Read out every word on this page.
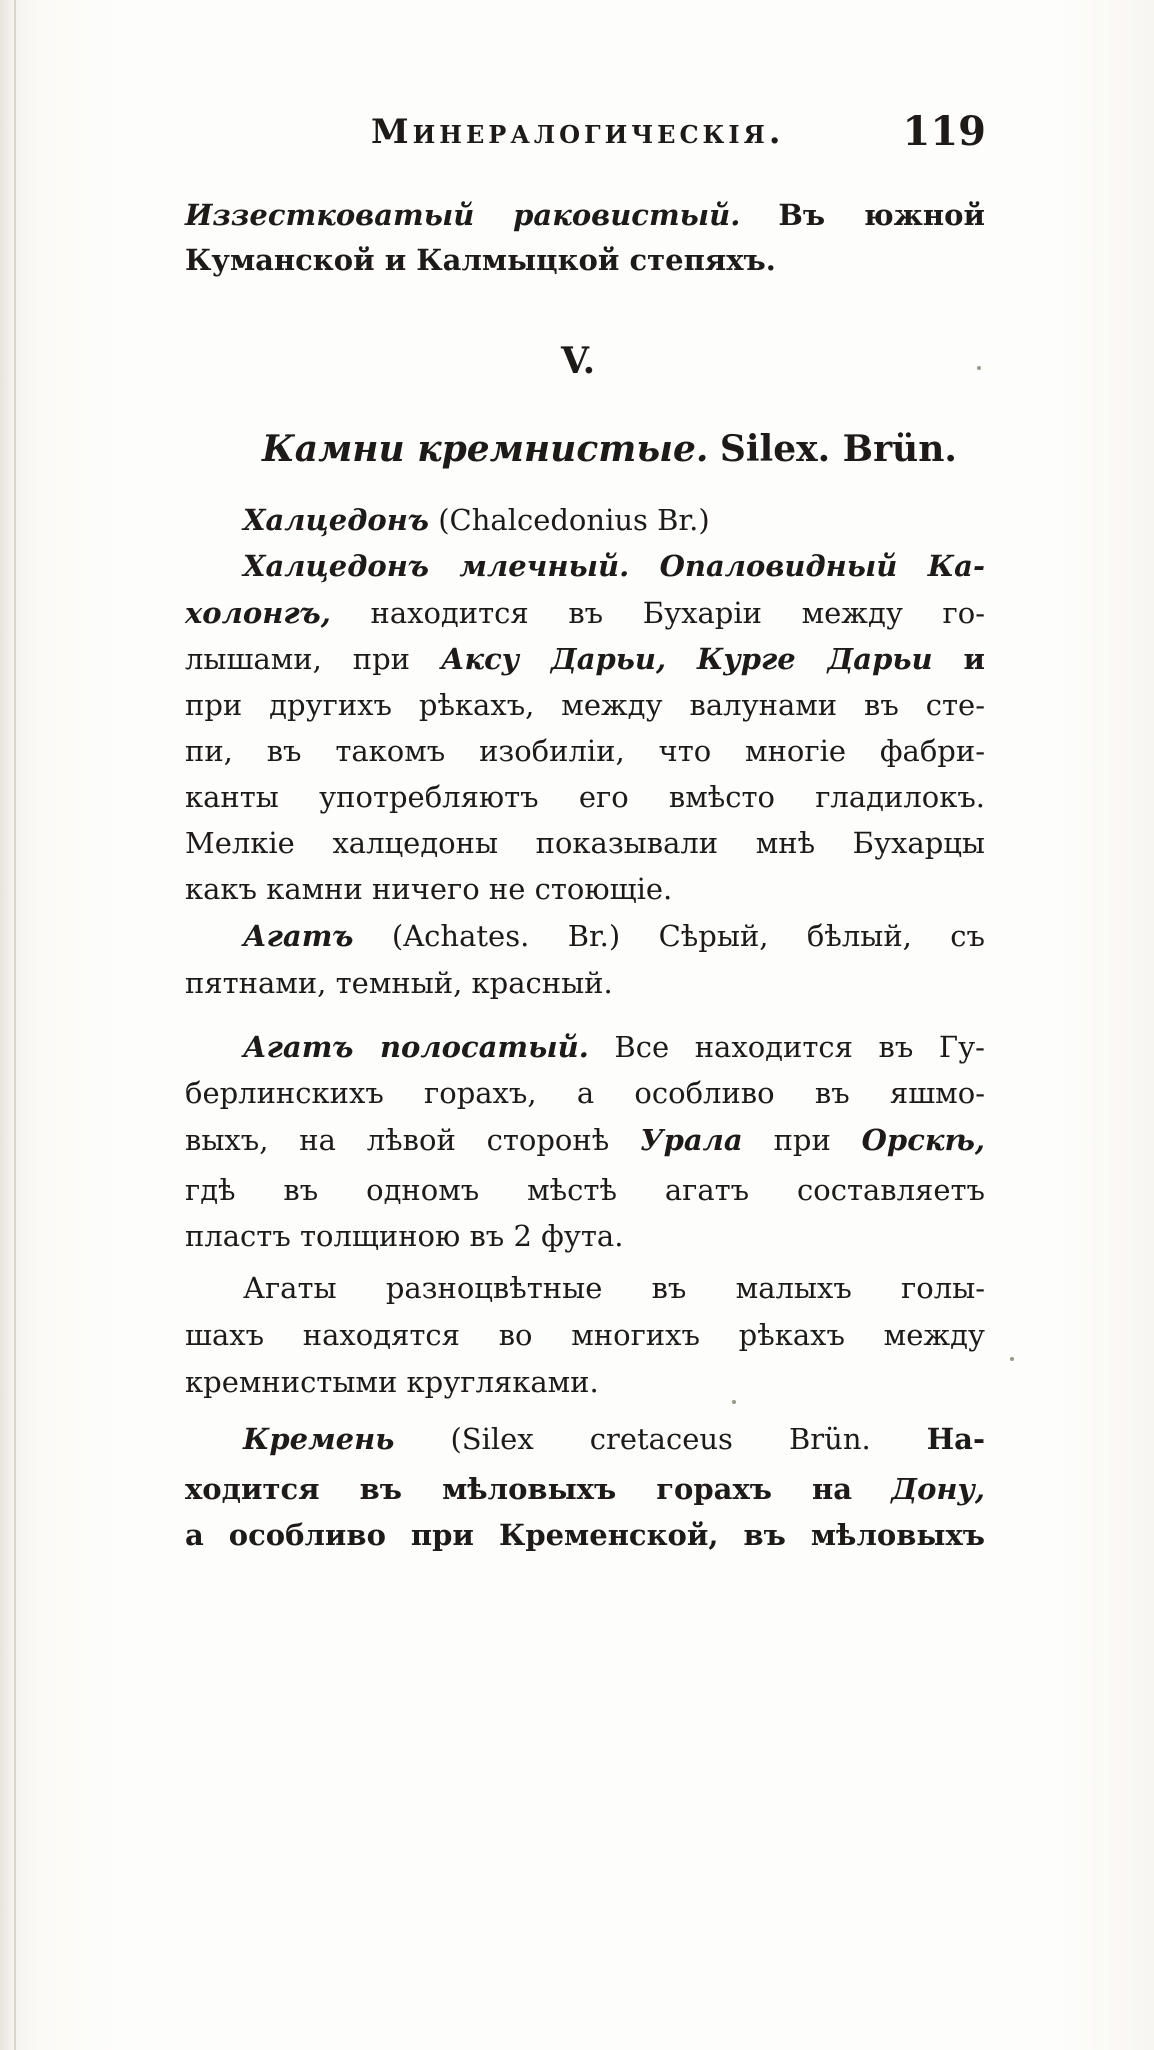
Минералогическія.	119
Иззестковатый раковистый. Въ южной
Куманской и Калмыцкой степяхъ.
V.
Камни кремнистые. Silex. Brün.
Халцедонъ (Chalcedonius Br.)
Халцедонъ млечный. Опаловидный Ка-
холонгъ, находится въ Бухаріи между го-
лышами, при Аксу Дарьи, Курге Дарьи и
при другихъ рѣкахъ, между валунами въ сте-
пи, въ такомъ изобиліи, что многіе фабри-
канты употребляютъ его вмѣсто гладилокъ.
Мелкіе халцедоны показывали мнѣ Бухарцы
какъ камни ничего не стоющіе.
Агатъ (Achates. Br.) Сѣрый, бѣлый, съ
пятнами, темный, красный.
Агатъ полосатый. Все находится въ Гу-
берлинскихъ горахъ, а особливо въ яшмо-
выхъ, на лѣвой сторонѣ Урала при Орскѣ,
гдѣ въ одномъ мѣстѣ агатъ составляетъ
пластъ толщиною въ 2 фута.
Агаты разноцвѣтные въ малыхъ голы-
шахъ находятся во многихъ рѣкахъ между
кремнистыми кругляками.
Кремень (Silex cretaceus Brün. На-
ходится въ мѣловыхъ горахъ на Дону,
а особливо при Кременской, въ мѣловыхъ
